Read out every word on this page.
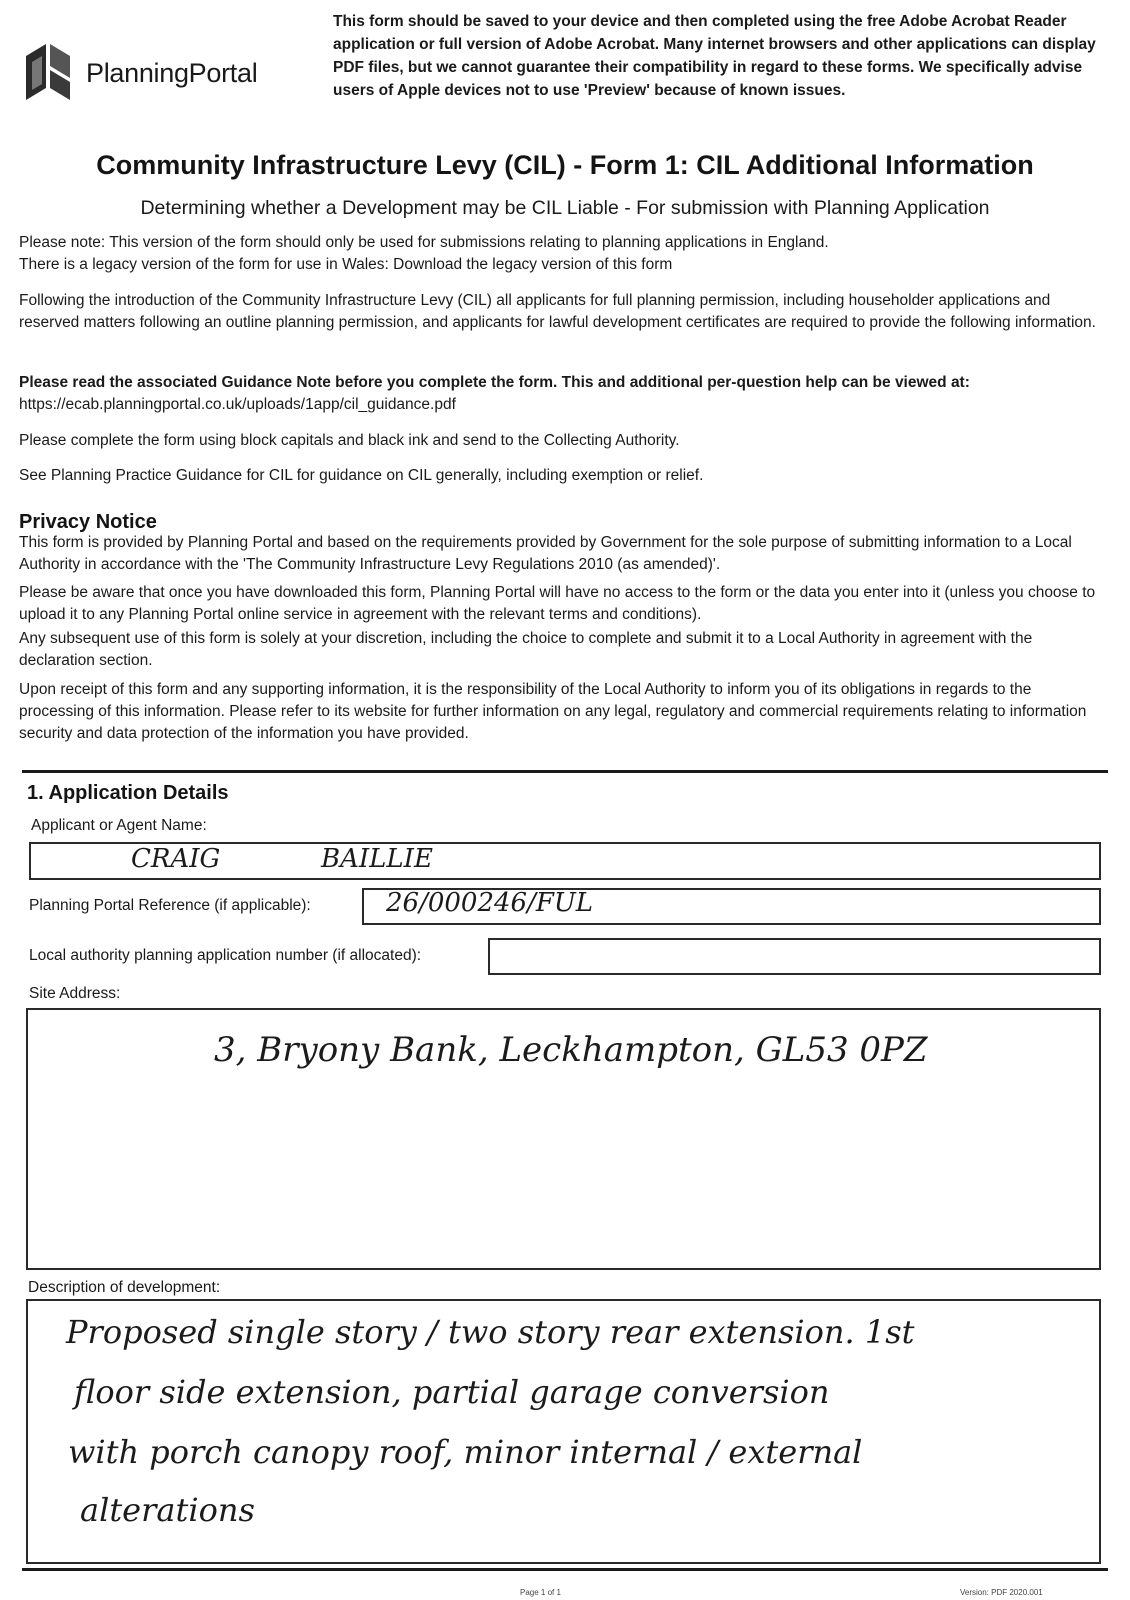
PlanningPortal
This form should be saved to your device and then completed using the free Adobe Acrobat Reader application or full version of Adobe Acrobat. Many internet browsers and other applications can display PDF files, but we cannot guarantee their compatibility in regard to these forms. We specifically advise users of Apple devices not to use 'Preview' because of known issues.
Community Infrastructure Levy (CIL) - Form 1: CIL Additional Information
Determining whether a Development may be CIL Liable - For submission with Planning Application
Please note: This version of the form should only be used for submissions relating to planning applications in England.
There is a legacy version of the form for use in Wales: Download the legacy version of this form
Following the introduction of the Community Infrastructure Levy (CIL) all applicants for full planning permission, including householder applications and reserved matters following an outline planning permission, and applicants for lawful development certificates are required to provide the following information.
Please read the associated Guidance Note before you complete the form. This and additional per-question help can be viewed at:
https://ecab.planningportal.co.uk/uploads/1app/cil_guidance.pdf
Please complete the form using block capitals and black ink and send to the Collecting Authority.
See Planning Practice Guidance for CIL for guidance on CIL generally, including exemption or relief.
Privacy Notice
This form is provided by Planning Portal and based on the requirements provided by Government for the sole purpose of submitting information to a Local Authority in accordance with the 'The Community Infrastructure Levy Regulations 2010 (as amended)'.
Please be aware that once you have downloaded this form, Planning Portal will have no access to the form or the data you enter into it (unless you choose to upload it to any Planning Portal online service in agreement with the relevant terms and conditions).
Any subsequent use of this form is solely at your discretion, including the choice to complete and submit it to a Local Authority in agreement with the declaration section.
Upon receipt of this form and any supporting information, it is the responsibility of the Local Authority to inform you of its obligations in regards to the processing of this information. Please refer to its website for further information on any legal, regulatory and commercial requirements relating to information security and data protection of the information you have provided.
1. Application Details
Applicant or Agent Name:
CRAIG	BAILLIE
Planning Portal Reference (if applicable):	26/000246/FUL
Local authority planning application number (if allocated):
Site Address:
3, Bryony Bank, Leckhampton, GL53 0PZ
Description of development:
Proposed single story / two story rear extension. 1st
floor side extension, partial garage conversion
with porch canopy roof, minor internal / external
alterations
Page 1 of 1	Version: PDF 2020.001
